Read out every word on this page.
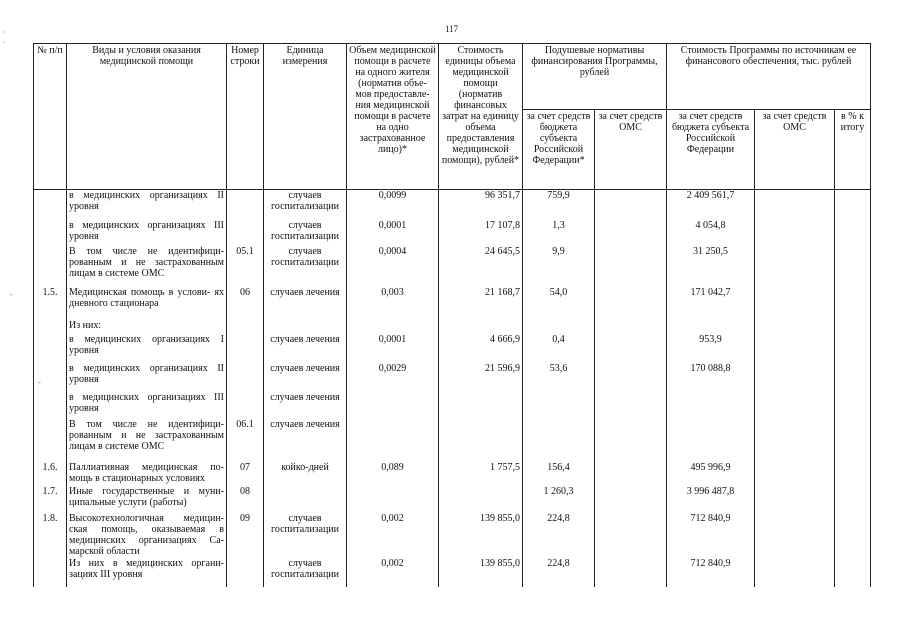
117
№ п/п	Виды и условия оказания медицинской помощи	Номер строки	Единица измерения	Объем медицинской помощи в расчете на одного жителя (норматив объе- мов предоставле- ния медицинской помощи в расчете на одно застрахованное лицо)*	Стоимость единицы объема медицинской помощи (норматив финансовых затрат на единицу объема предоставления медицинской помощи), рублей*	Подушевые нормативы финансирования Программы, рублей		Стоимость Программы по источникам ее финансового обеспечения, тыс. рублей		
						за счет средств бюджета субъекта Российской Федерации*	за счет средств ОМС	за счет средств бюджета субъекта Российской Федерации	за счет средств ОМС	в % к итогу
	в медицинских организациях II уровня		случаев госпитализации	0,0099	96 351,7	759,9		2 409 561,7		
	в медицинских организациях III уровня		случаев госпитализации	0,0001	17 107,8	1,3		4 054,8		
	В том числе не идентифици- рованным и не застрахованным лицам в системе ОМС	05.1	случаев госпитализации	0,0004	24 645,5	9,9		31 250,5		
1.5.	Медицинская помощь в услови- ях дневного стационара	06	случаев лечения	0,003	21 168,7	54,0		171 042,7		
	Из них:									
	в медицинских организациях I уровня		случаев лечения	0,0001	4 666,9	0,4		953,9		
	в медицинских организациях II уровня		случаев лечения	0,0029	21 596,9	53,6		170 088,8		
	в медицинских организациях III уровня		случаев лечения							
	В том числе не идентифици- рованным и не застрахованным лицам в системе ОМС	06.1	случаев лечения							
1.6.	Паллиативная медицинская по- мощь в стационарных условиях	07	койко-дней	0,089	1 757,5	156,4		495 996,9		
1.7.	Иные государственные и муни- ципальные услуги (работы)	08				1 260,3		3 996 487,8		
1.8.	Высокотехнологичная медицин- ская помощь, оказываемая в медицинских организациях Са- марской области	09	случаев госпитализации	0,002	139 855,0	224,8		712 840,9		
	Из них в медицинских органи- зациях III уровня		случаев госпитализации	0,002	139 855,0	224,8		712 840,9		
·
·
-
-
